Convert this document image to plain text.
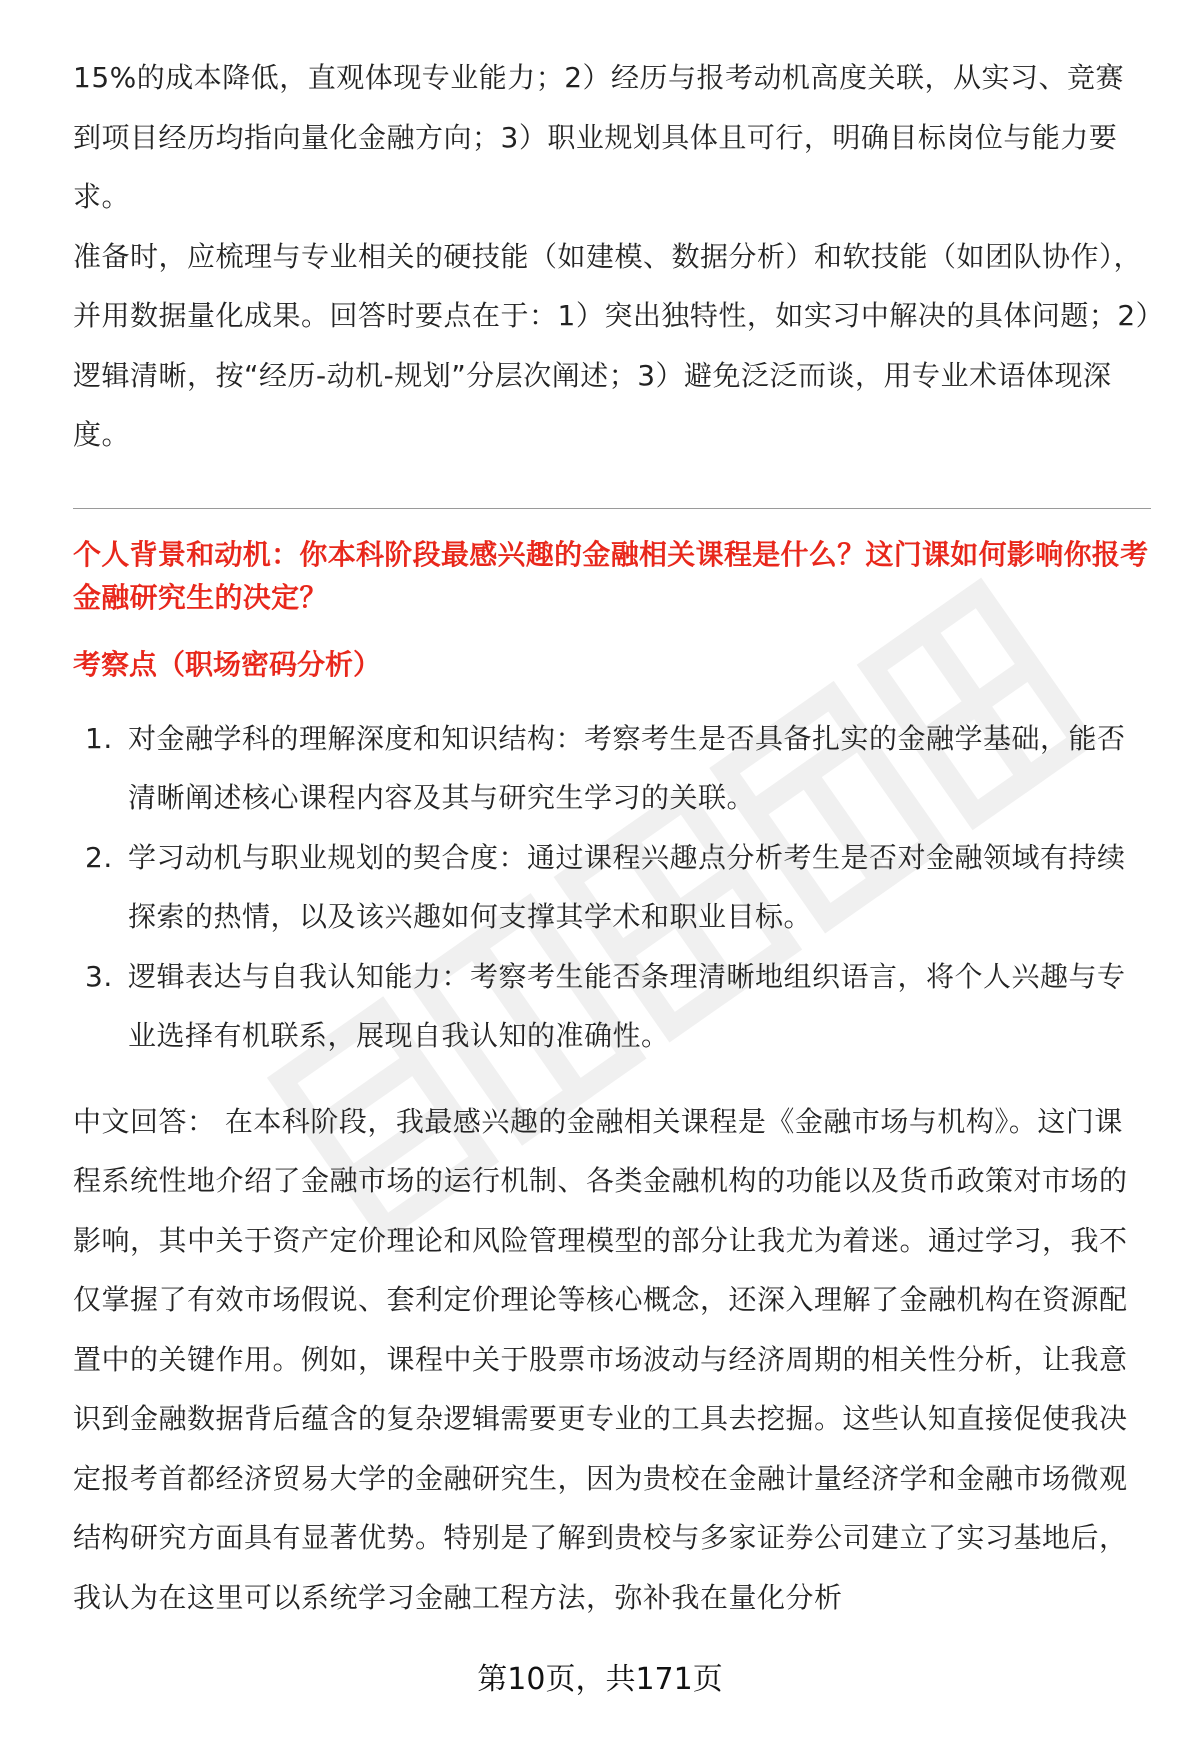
15%的成本降低，直观体现专业能力；2）经历与报考动机高度关联，从实习、竞赛到项目经历均指向量化金融方向；3）职业规划具体且可行，明确目标岗位与能力要求。

准备时，应梳理与专业相关的硬技能（如建模、数据分析）和软技能（如团队协作），并用数据量化成果。回答时要点在于：1）突出独特性，如实习中解决的具体问题；2）逻辑清晰，按“经历-动机-规划”分层次阐述；3）避免泛泛而谈，用专业术语体现深度。

个人背景和动机：你本科阶段最感兴趣的金融相关课程是什么？这门课如何影响你报考金融研究生的决定？

考察点（职场密码分析）

1. 对金融学科的理解深度和知识结构：考察考生是否具备扎实的金融学基础，能否清晰阐述核心课程内容及其与研究生学习的关联。
2. 学习动机与职业规划的契合度：通过课程兴趣点分析考生是否对金融领域有持续探索的热情，以及该兴趣如何支撑其学术和职业目标。
3. 逻辑表达与自我认知能力：考察考生能否条理清晰地组织语言，将个人兴趣与专业选择有机联系，展现自我认知的准确性。

中文回答： 在本科阶段，我最感兴趣的金融相关课程是《金融市场与机构》。这门课程系统性地介绍了金融市场的运行机制、各类金融机构的功能以及货币政策对市场的影响，其中关于资产定价理论和风险管理模型的部分让我尤为着迷。通过学习，我不仅掌握了有效市场假说、套利定价理论等核心概念，还深入理解了金融机构在资源配置中的关键作用。例如，课程中关于股票市场波动与经济周期的相关性分析，让我意识到金融数据背后蕴含的复杂逻辑需要更专业的工具去挖掘。这些认知直接促使我决定报考首都经济贸易大学的金融研究生，因为贵校在金融计量经济学和金融市场微观结构研究方面具有显著优势。特别是了解到贵校与多家证券公司建立了实习基地后，我认为在这里可以系统学习金融工程方法，弥补我在量化分析

第10页，共171页
